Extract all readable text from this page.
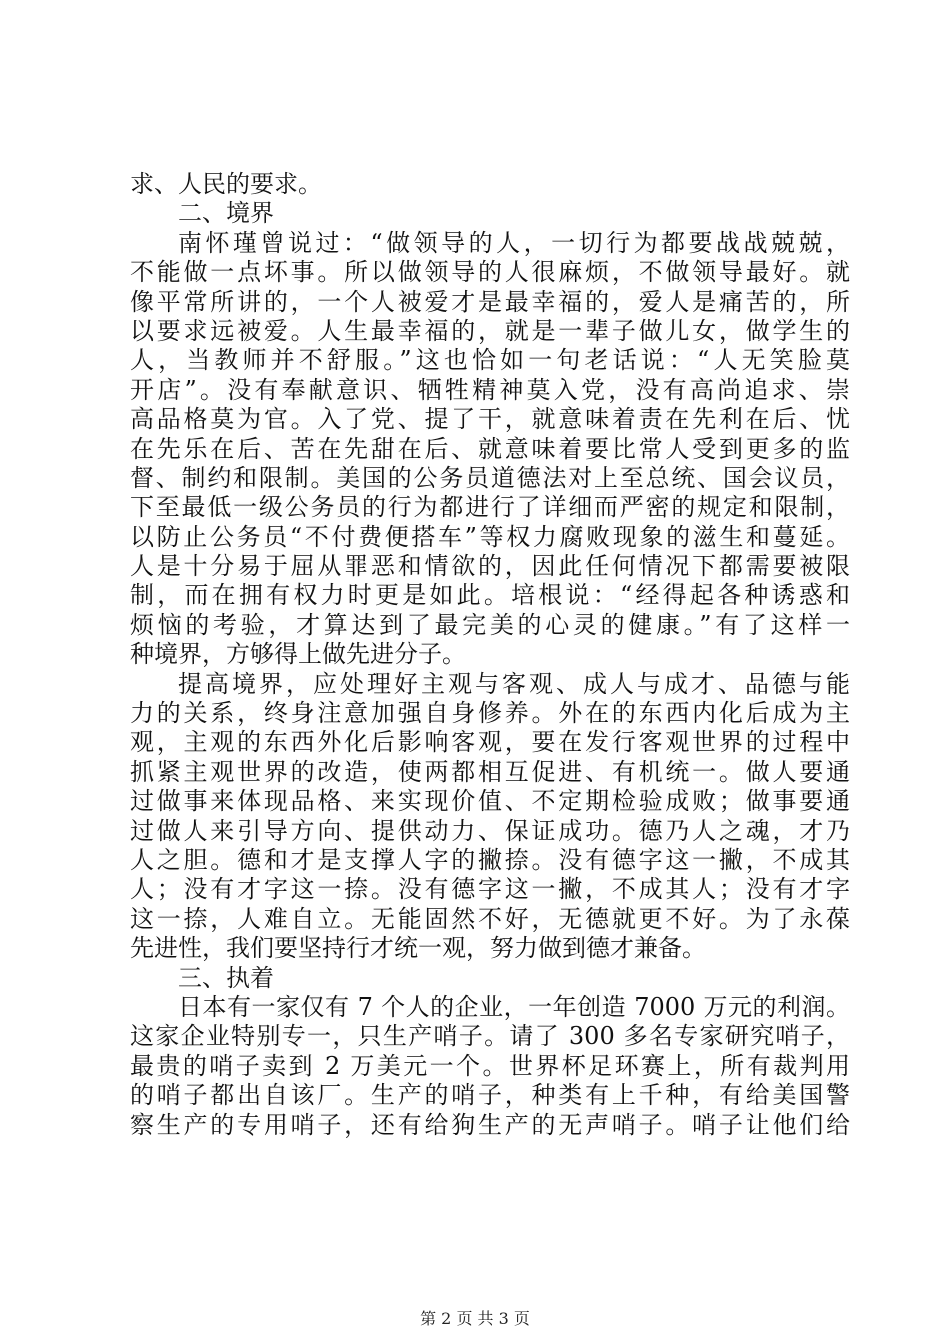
求、人民的要求。
二、境界
南怀瑾曾说过：“做领导的人，一切行为都要战战兢兢，
不能做一点坏事。所以做领导的人很麻烦，不做领导最好。就
像平常所讲的，一个人被爱才是最幸福的，爱人是痛苦的，所
以要求远被爱。人生最幸福的，就是一辈子做儿女，做学生的
人，当教师并不舒服。”这也恰如一句老话说：“人无笑脸莫
开店”。没有奉献意识、牺牲精神莫入党，没有高尚追求、崇
高品格莫为官。入了党、提了干，就意味着责在先利在后、忧
在先乐在后、苦在先甜在后、就意味着要比常人受到更多的监
督、制约和限制。美国的公务员道德法对上至总统、国会议员，
下至最低一级公务员的行为都进行了详细而严密的规定和限制，
以防止公务员“不付费便搭车”等权力腐败现象的滋生和蔓延。
人是十分易于屈从罪恶和情欲的，因此任何情况下都需要被限
制，而在拥有权力时更是如此。培根说：“经得起各种诱惑和
烦恼的考验，才算达到了最完美的心灵的健康。”有了这样一
种境界，方够得上做先进分子。
提高境界，应处理好主观与客观、成人与成才、品德与能
力的关系，终身注意加强自身修养。外在的东西内化后成为主
观，主观的东西外化后影响客观，要在发行客观世界的过程中
抓紧主观世界的改造，使两都相互促进、有机统一。做人要通
过做事来体现品格、来实现价值、不定期检验成败；做事要通
过做人来引导方向、提供动力、保证成功。德乃人之魂，才乃
人之胆。德和才是支撑人字的撇捺。没有德字这一撇，不成其
人；没有才字这一捺。没有德字这一撇，不成其人；没有才字
这一捺，人难自立。无能固然不好，无德就更不好。为了永葆
先进性，我们要坚持行才统一观，努力做到德才兼备。
三、执着
日本有一家仅有 7 个人的企业，一年创造 7000 万元的利润。
这家企业特别专一，只生产哨子。请了 300 多名专家研究哨子，
最贵的哨子卖到 2 万美元一个。世界杯足环赛上，所有裁判用
的哨子都出自该厂。生产的哨子，种类有上千种，有给美国警
察生产的专用哨子，还有给狗生产的无声哨子。哨子让他们给
第 2 页 共 3 页
